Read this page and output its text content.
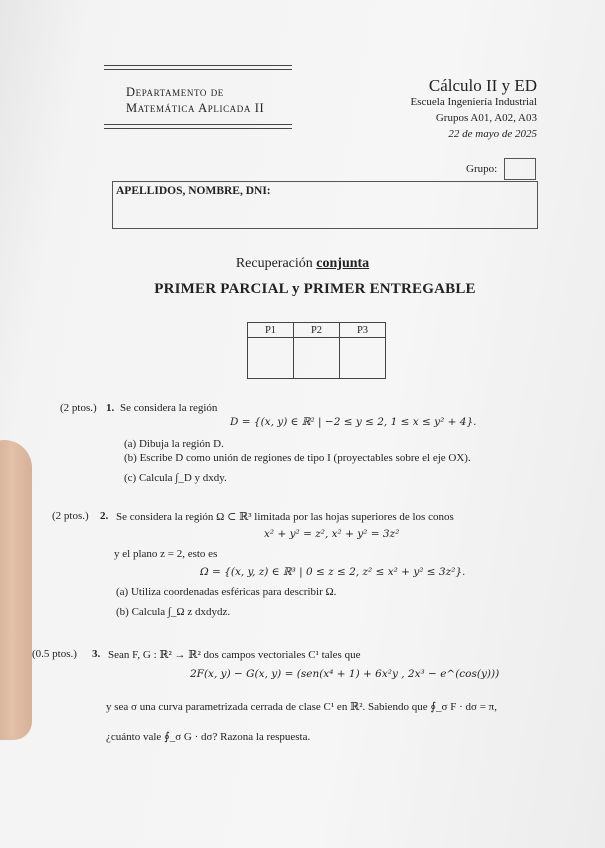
Departamento de
Matemática Aplicada II
Cálculo II y ED
Escuela Ingeniería Industrial
Grupos A01, A02, A03
22 de mayo de 2025
Grupo:
APELLIDOS, NOMBRE, DNI:
Recuperación conjunta
PRIMER PARCIAL y PRIMER ENTREGABLE
P1	P2	P3

(2 ptos.) 1. Se considera la región
D = {(x, y) ∈ ℝ² | −2 ≤ y ≤ 2, 1 ≤ x ≤ y² + 4}.
(a) Dibuja la región D.
(b) Escribe D como unión de regiones de tipo I (proyectables sobre el eje OX).
(c) Calcula ∫_D y dxdy.
(2 ptos.) 2. Se considera la región Ω ⊂ ℝ³ limitada por las hojas superiores de los conos
x² + y² = z², x² + y² = 3z²
y el plano z = 2, esto es
Ω = {(x, y, z) ∈ ℝ³ | 0 ≤ z ≤ 2, z² ≤ x² + y² ≤ 3z²}.
(a) Utiliza coordenadas esféricas para describir Ω.
(b) Calcula ∫_Ω z dxdydz.
(0.5 ptos.) 3. Sean F, G : ℝ² → ℝ² dos campos vectoriales C¹ tales que
2F(x, y) − G(x, y) = (sen(x⁴ + 1) + 6x²y , 2x³ − e^(cos(y)))
y sea σ una curva parametrizada cerrada de clase C¹ en ℝ². Sabiendo que ∮_σ F · dσ = π,
¿cuánto vale ∮_σ G · dσ? Razona la respuesta.
